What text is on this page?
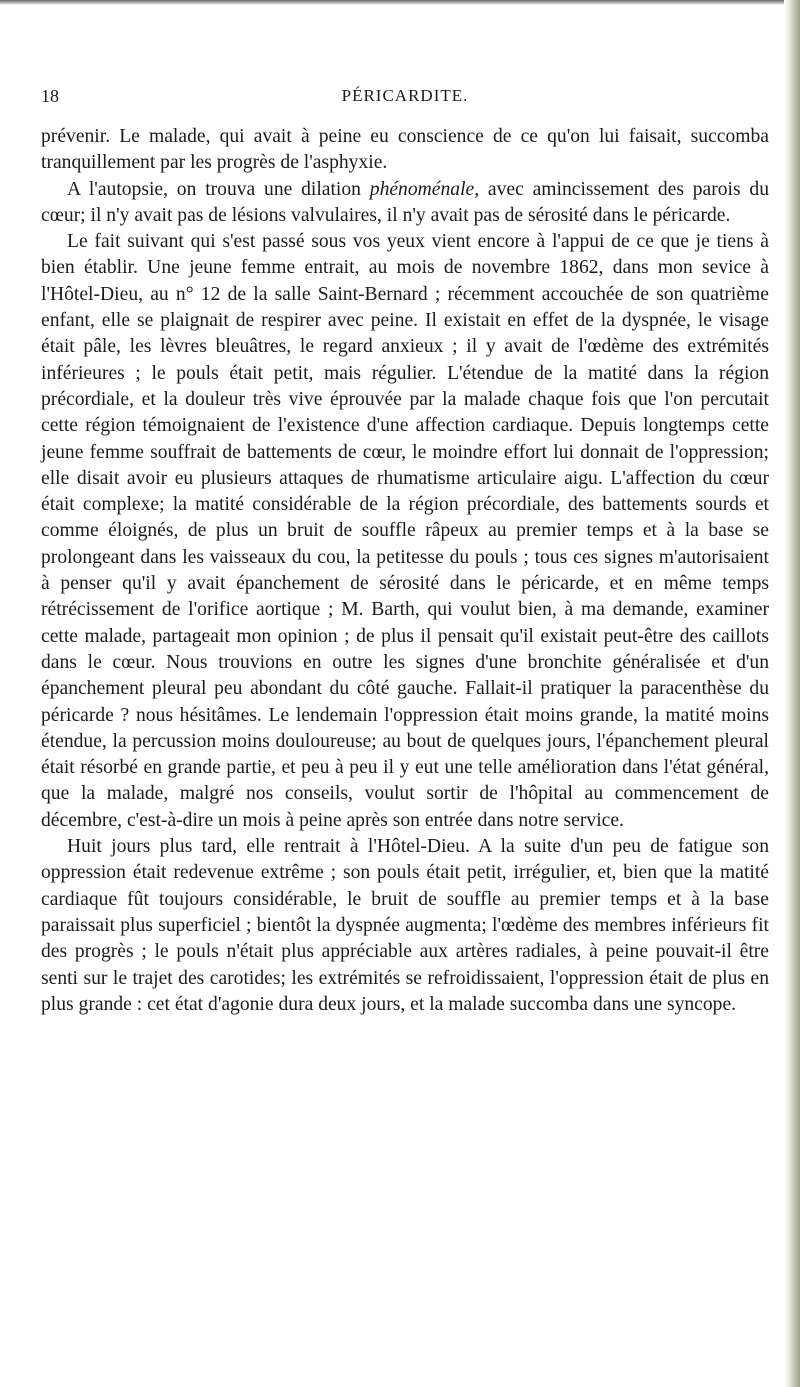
18	PÉRICARDITE.

prévenir. Le malade, qui avait à peine eu conscience de ce qu'on lui faisait, succomba tranquillement par les progrès de l'asphyxie.

A l'autopsie, on trouva une dilation phénoménale, avec amincissement des parois du cœur; il n'y avait pas de lésions valvulaires, il n'y avait pas de sérosité dans le péricarde.

Le fait suivant qui s'est passé sous vos yeux vient encore à l'appui de ce que je tiens à bien établir. Une jeune femme entrait, au mois de novembre 1862, dans mon sevice à l'Hôtel-Dieu, au n° 12 de la salle Saint-Bernard ; récemment accouchée de son quatrième enfant, elle se plaignait de respirer avec peine. Il existait en effet de la dyspnée, le visage était pâle, les lèvres bleuâtres, le regard anxieux ; il y avait de l'œdème des extrémités inférieures ; le pouls était petit, mais régulier. L'étendue de la matité dans la région précordiale, et la douleur très vive éprouvée par la malade chaque fois que l'on percutait cette région témoignaient de l'existence d'une affection cardiaque. Depuis longtemps cette jeune femme souffrait de battements de cœur, le moindre effort lui donnait de l'oppression; elle disait avoir eu plusieurs attaques de rhumatisme articulaire aigu. L'affection du cœur était complexe; la matité considérable de la région précordiale, des battements sourds et comme éloignés, de plus un bruit de souffle râpeux au premier temps et à la base se prolongeant dans les vaisseaux du cou, la petitesse du pouls ; tous ces signes m'autorisaient à penser qu'il y avait épanchement de sérosité dans le péricarde, et en même temps rétrécissement de l'orifice aortique ; M. Barth, qui voulut bien, à ma demande, examiner cette malade, partageait mon opinion ; de plus il pensait qu'il existait peut-être des caillots dans le cœur. Nous trouvions en outre les signes d'une bronchite généralisée et d'un épanchement pleural peu abondant du côté gauche. Fallait-il pratiquer la paracenthèse du péricarde ? nous hésitâmes. Le lendemain l'oppression était moins grande, la matité moins étendue, la percussion moins douloureuse; au bout de quelques jours, l'épanchement pleural était résorbé en grande partie, et peu à peu il y eut une telle amélioration dans l'état général, que la malade, malgré nos conseils, voulut sortir de l'hôpital au commencement de décembre, c'est-à-dire un mois à peine après son entrée dans notre service.

Huit jours plus tard, elle rentrait à l'Hôtel-Dieu. A la suite d'un peu de fatigue son oppression était redevenue extrême ; son pouls était petit, irrégulier, et, bien que la matité cardiaque fût toujours considérable, le bruit de souffle au premier temps et à la base paraissait plus superficiel ; bientôt la dyspnée augmenta; l'œdème des membres inférieurs fit des progrès ; le pouls n'était plus appréciable aux artères radiales, à peine pouvait-il être senti sur le trajet des carotides; les extrémités se refroidissaient, l'oppression était de plus en plus grande : cet état d'agonie dura deux jours, et la malade succomba dans une syncope.
